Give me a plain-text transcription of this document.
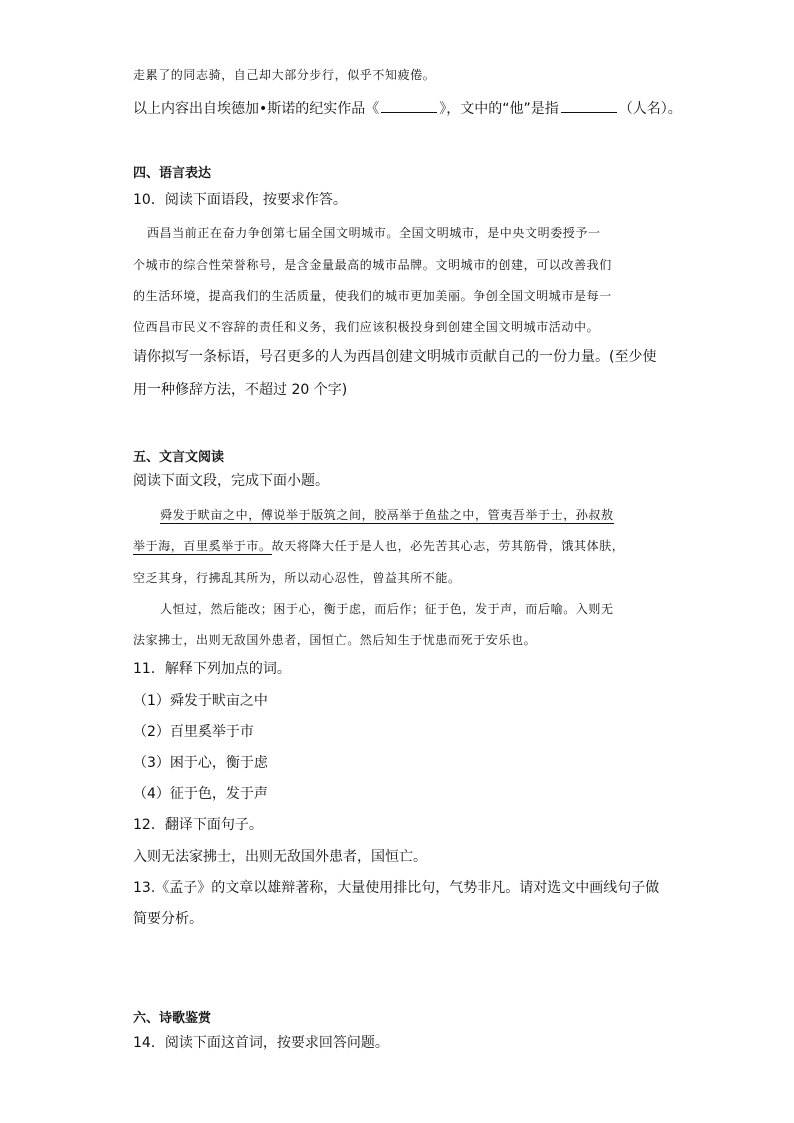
走累了的同志骑，自己却大部分步行，似乎不知疲倦。
以上内容出自埃德加•斯诺的纪实作品《	》，文中的“他”是指	（人名）。
四、语言表达
10．阅读下面语段，按要求作答。
西昌当前正在奋力争创第七届全国文明城市。全国文明城市，是中央文明委授予一
个城市的综合性荣誉称号，是含金量最高的城市品牌。文明城市的创建，可以改善我们
的生活环境，提高我们的生活质量，使我们的城市更加美丽。争创全国文明城市是每一
位西昌市民义不容辞的责任和义务，我们应该积极投身到创建全国文明城市活动中。
请你拟写一条标语，号召更多的人为西昌创建文明城市贡献自己的一份力量。(至少使
用一种修辞方法，不超过 20 个字)
五、文言文阅读
阅读下面文段，完成下面小题。
舜发于畎亩之中，傅说举于版筑之间，胶鬲举于鱼盐之中，管夷吾举于士，孙叔敖
举于海，百里奚举于市。故天将降大任于是人也，必先苦其心志，劳其筋骨，饿其体肤，
空乏其身，行拂乱其所为，所以动心忍性，曾益其所不能。
人恒过，然后能改；困于心，衡于虑，而后作；征于色，发于声，而后喻。入则无
法家拂士，出则无敌国外患者，国恒亡。然后知生于忧患而死于安乐也。
11．解释下列加点的词。
（1）舜发于畎亩之中
（2）百里奚举于市
（3）困于心，衡于虑
（4）征于色，发于声
12．翻译下面句子。
入则无法家拂士，出则无敌国外患者，国恒亡。
13.《孟子》的文章以雄辩著称，大量使用排比句，气势非凡。请对选文中画线句子做
简要分析。
六、诗歌鉴赏
14．阅读下面这首词，按要求回答问题。
